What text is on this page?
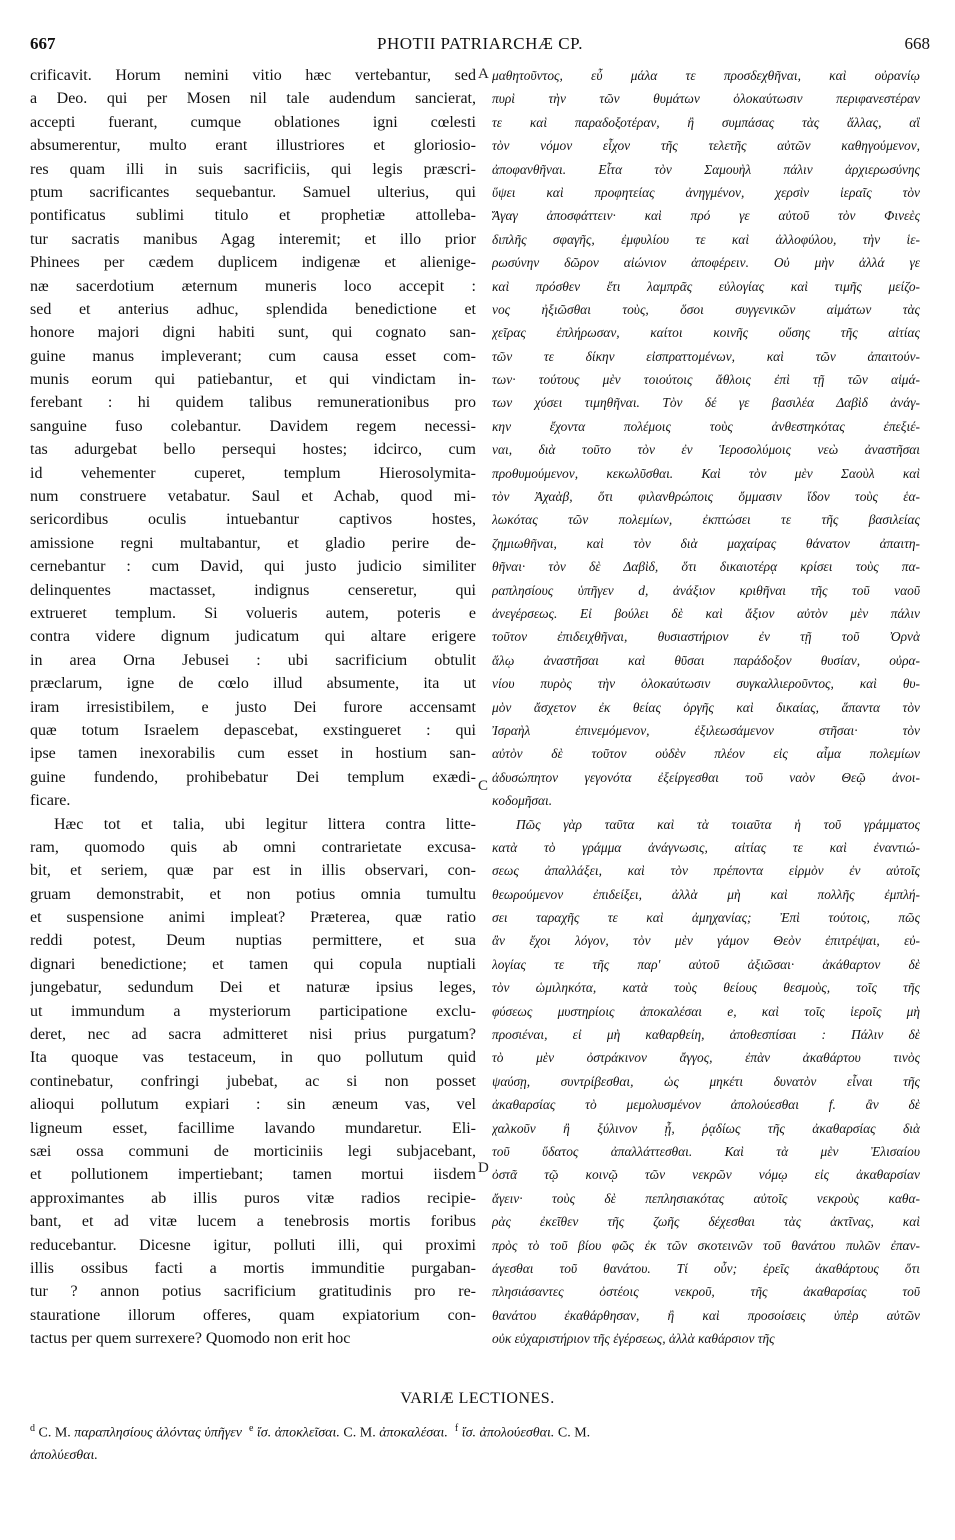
667	PHOTII PATRIARCHÆ CP.	668
crificavit. Horum nemini vitio hæc vertebantur, sed
a Deo. qui per Mosen nil tale audendum sancierat,
accepti fuerant, cumque oblationes igni cœlesti
absumerentur, multo erant illustriores et gloriosio-
res quam illi in suis sacrificiis, qui legis præscri-
ptum sacrificantes sequebantur. Samuel ulterius, qui
pontificatus sublimi titulo et prophetiæ attolleba-
tur sacratis manibus Agag interemit; et illo prior
Phinees per cædem duplicem indigenæ et alienige-
næ sacerdotium æternum muneris loco accepit :
sed et anterius adhuc, splendida benedictione et
honore majori digni habiti sunt, qui cognato san-
guine manus impleverant; cum causa esset com-
munis eorum qui patiebantur, et qui vindictam in-
ferebant : hi quidem talibus remunerationibus pro
sanguine fuso colebantur. Davidem regem necessi-
tas adurgebat bello persequi hostes; idcirco, cum
id vehementer cuperet, templum Hierosolymita-
num construere vetabatur. Saul et Achab, quod mi-
sericordibus oculis intuebantur captivos hostes,
amissione regni multabantur, et gladio perire de-
cernebantur : cum David, qui justo judicio similiter
delinquentes mactasset, indignus censeretur, qui
extrueret templum. Si volueris autem, poteris e
contra videre dignum judicatum qui altare erigere
in area Orna Jebusei : ubi sacrificium obtulit
præclarum, igne de cœlo illud absumente, ita ut
iram irresistibilem, e justo Dei furore accensamt
quæ totum Israelem depascebat, exstingueret : qui
ipse tamen inexorabilis cum esset in hostium san-
guine fundendo, prohibebatur Dei templum exædi-
ficare.
Hæc tot et talia, ubi legitur littera contra litte-
ram, quomodo quis ab omni contrarietate excusa-
bit, et seriem, quæ par est in illis observari, con-
gruam demonstrabit, et non potius omnia tumultu
et suspensione animi impleat? Præterea, quæ ratio
reddi potest, Deum nuptias permittere, et sua
dignari benedictione; et tamen qui copula nuptiali
jungebatur, sedundum Dei et naturæ ipsius leges,
ut immundum a mysteriorum participatione exclu-
deret, nec ad sacra admitteret nisi prius purgatum?
Ita quoque vas testaceum, in quo pollutum quid
continebatur, confringi jubebat, ac si non posset
alioqui pollutum expiari : sin æneum vas, vel
ligneum esset, facillime lavando mundaretur. Eli-
sæi ossa communi de morticiniis legi subjacebant,
et pollutionem impertiebant; tamen mortui iisdem
approximantes ab illis puros vitæ radios recipie-
bant, et ad vitæ lucem a tenebrosis mortis foribus
reducebantur. Dicesne igitur, polluti illi, qui proximi
illis ossibus facti a mortis immunditie purgaban-
tur ? annon potius sacrificium gratitudinis pro re-
stauratione illorum offeres, quam expiatorium con-
tactus per quem surrexere? Quomodo non erit hoc
μαθητοῦντος, εὖ μάλα τε προσδεχθῆναι, καὶ οὐρανίῳ
πυρὶ τὴν τῶν θυμάτων ὁλοκαύτωσιν περιφανεστέραν
τε καὶ παραδοξοτέραν, ἢ συμπάσας τὰς ἄλλας, αἳ
τὸν νόμον εἶχον τῆς τελετῆς αὐτῶν καθηγούμενον,
ἀποφανθῆναι. Εἶτα τὸν Σαμουὴλ πάλιν ἀρχιερωσύνης
ὕψει καὶ προφητείας ἀνηγμένον, χερσὶν ἱεραῖς τὸν
Ἄγαγ ἀποσφάττειν· καὶ πρό γε αὐτοῦ τὸν Φινεὲς
διπλῆς σφαγῆς, ἐμφυλίου τε καὶ ἀλλοφύλου, τὴν ἱε-
ρωσύνην δῶρον αἰώνιον ἀποφέρειν. Οὐ μὴν ἀλλά γε
καὶ πρόσθεν ἔτι λαμπρᾶς εὐλογίας καὶ τιμῆς μείζο-
νος ἠξιῶσθαι τοὺς, ὅσοι συγγενικῶν αἱμάτων τὰς
χεῖρας ἐπλήρωσαν, καίτοι κοινῆς οὔσης τῆς αἰτίας
τῶν τε δίκην εἰσπραττομένων, καὶ τῶν ἀπαιτούν-
των· τούτους μὲν τοιούτοις ἄθλοις ἐπὶ τῇ τῶν αἱμά-
των χύσει τιμηθῆναι. Τὸν δέ γε βασιλέα Δαβὶδ ἀνάγ-
κην ἔχοντα πολέμοις τοὺς ἀνθεστηκότας ἐπεξιέ-
ναι, διὰ τοῦτο τὸν ἐν Ἱεροσολύμοις νεὼ ἀναστῆσαι
προθυμούμενον, κεκωλῦσθαι. Καὶ τὸν μὲν Σαοὺλ καὶ
τὸν Ἀχαὰβ, ὅτι φιλανθρώποις ὄμμασιν ἴδον τοὺς ἑα-
λωκότας τῶν πολεμίων, ἐκπτώσει τε τῆς βασιλείας
ζημιωθῆναι, καὶ τὸν διὰ μαχαίρας θάνατον ἀπαιτη-
θῆναι· τὸν δὲ Δαβὶδ, ὅτι δικαιοτέρᾳ κρίσει τοὺς πα-
ραπλησίους ὑπῆγεν d, ἀνάξιον κριθῆναι τῆς τοῦ ναοῦ
ἀνεγέρσεως. Εἰ βούλει δὲ καὶ ἄξιον αὐτὸν μὲν πάλιν
τοῦτον ἐπιδειχθῆναι, θυσιαστήριον ἐν τῇ τοῦ Ὀρνὰ
ἅλῳ ἀναστῆσαι καὶ θῦσαι παράδοξον θυσίαν, οὐρα-
νίου πυρὸς τὴν ὁλοκαύτωσιν συγκαλλιεροῦντος, καὶ θυ-
μὸν ἄσχετον ἐκ θείας ὀργῆς καὶ δικαίας, ἅπαντα τὸν
Ἰσραὴλ ἐπινεμόμενον, ἐξιλεωσάμενον στῆσαι· τὸν
αὐτὸν δὲ τοῦτον οὐδὲν πλέον εἰς αἷμα πολεμίων
ἀδυσώπητον γεγονότα ἐξείργεσθαι τοῦ ναὸν Θεῷ ἀνοι-
κοδομῆσαι.
Πῶς γὰρ ταῦτα καὶ τὰ τοιαῦτα ἡ τοῦ γράμματος
κατὰ τὸ γράμμα ἀνάγνωσις, αἰτίας τε καὶ ἐναντιώ-
σεως ἀπαλλάξει, καὶ τὸν πρέποντα εἱρμὸν ἐν αὐτοῖς
θεωρούμενον ἐπιδείξει, ἀλλὰ μὴ καὶ πολλῆς ἐμπλή-
σει ταραχῆς τε καὶ ἀμηχανίας; Ἐπὶ τούτοις, πῶς
ἂν ἔχοι λόγον, τὸν μὲν γάμον Θεὸν ἐπιτρέψαι, εὐ-
λογίας τε τῆς παρ' αὐτοῦ ἀξιῶσαι· ἀκάθαρτον δὲ
τὸν ὡμιληκότα, κατὰ τοὺς θείους θεσμοὺς, τοῖς τῆς
φύσεως μυστηρίοις ἀποκαλέσαι e, καὶ τοῖς ἱεροῖς μὴ
προσιέναι, εἰ μὴ καθαρθείη, ἀποθεσπίσαι : Πάλιν δὲ
τὸ μὲν ὀστράκινον ἄγγος, ἐπὰν ἀκαθάρτου τινὸς
ψαύσῃ, συντρίβεσθαι, ὡς μηκέτι δυνατὸν εἶναι τῆς
ἀκαθαρσίας τὸ μεμολυσμένον ἀπολούεσθαι f. ἂν δὲ
χαλκοῦν ἢ ξύλινον ᾖ, ῥᾳδίως τῆς ἀκαθαρσίας διὰ
τοῦ ὕδατος ἀπαλλάττεσθαι. Καὶ τὰ μὲν Ἐλισαίου
ὀστᾶ τῷ κοινῷ τῶν νεκρῶν νόμῳ εἰς ἀκαθαρσίαν
ἄγειν· τοὺς δὲ πεπλησιακότας αὐτοῖς νεκροὺς καθα-
ρὰς ἐκεῖθεν τῆς ζωῆς δέχεσθαι τὰς ἀκτῖνας, καὶ
πρὸς τὸ τοῦ βίου φῶς ἐκ τῶν σκοτεινῶν τοῦ θανάτου πυλῶν ἐπαν-
άγεσθαι τοῦ θανάτου. Τί οὖν; ἐρεῖς ἀκαθάρτους ὅτι
πλησιάσαντες ὀστέοις νεκροῦ, τῆς ἀκαθαρσίας τοῦ
θανάτου ἐκαθάρθησαν, ἢ καὶ προσοίσεις ὑπὲρ αὐτῶν
οὐκ εὐχαριστήριον τῆς ἐγέρσεως, ἀλλὰ καθάρσιον τῆς
A
C
D
VARIÆ LECTIONES.
$^d$ C. M. παραπλησίους ἁλόντας ὑπῆγεν $^e$ ἴσ. ἀποκλεῖσαι. C. M. ἀποκαλέσαι. $^f$ ἴσ. ἀπολούεσθαι. C. M.
ἀπολύεσθαι.
